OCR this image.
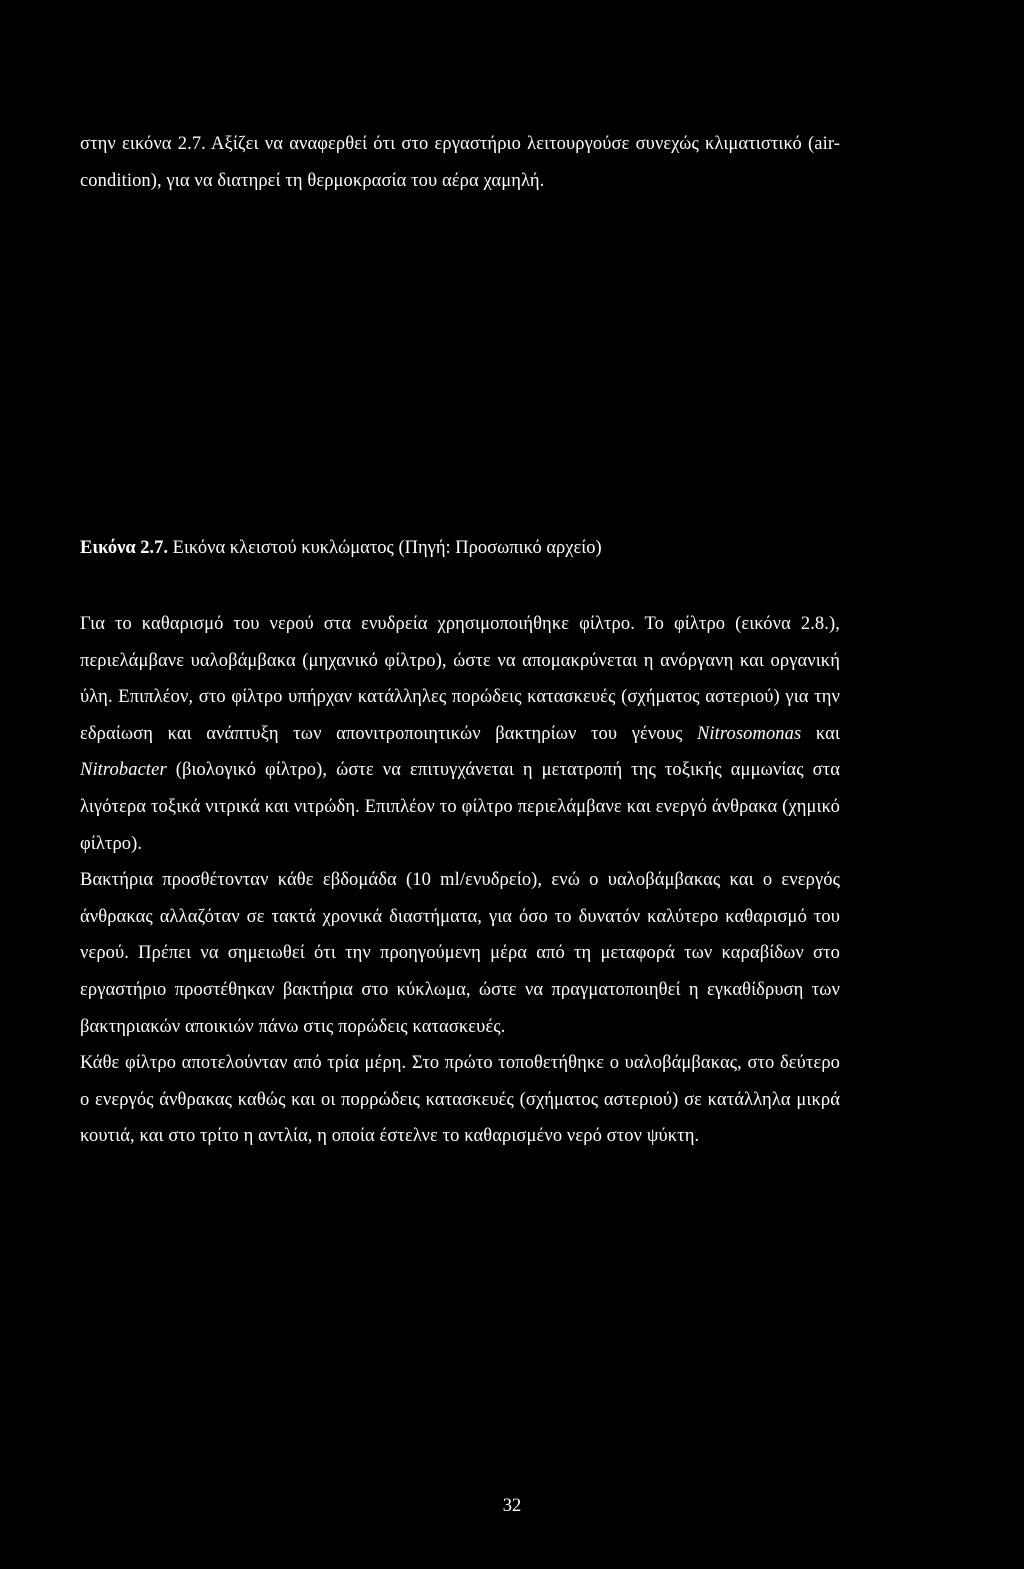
στην εικόνα 2.7. Αξίζει να αναφερθεί ότι στο εργαστήριο λειτουργούσε συνεχώς κλιματιστικό (air-condition), για να διατηρεί τη θερμοκρασία του αέρα χαμηλή.

Εικόνα 2.7. Εικόνα κλειστού κυκλώματος (Πηγή: Προσωπικό αρχείο)

Για το καθαρισμό του νερού στα ενυδρεία χρησιμοποιήθηκε φίλτρο. Το φίλτρο (εικόνα 2.8.), περιελάμβανε υαλοβάμβακα (μηχανικό φίλτρο), ώστε να απομακρύνεται η ανόργανη και οργανική ύλη. Επιπλέον, στο φίλτρο υπήρχαν κατάλληλες πορώδεις κατασκευές (σχήματος αστεριού) για την εδραίωση και ανάπτυξη των απονιτροποιητικών βακτηρίων του γένους Nitrosomonas και Nitrobacter (βιολογικό φίλτρο), ώστε να επιτυγχάνεται η μετατροπή της τοξικής αμμωνίας στα λιγότερα τοξικά νιτρικά και νιτρώδη. Επιπλέον το φίλτρο περιελάμβανε και ενεργό άνθρακα (χημικό φίλτρο).

Βακτήρια προσθέτονταν κάθε εβδομάδα (10 ml/ενυδρείο), ενώ ο υαλοβάμβακας και ο ενεργός άνθρακας αλλαζόταν σε τακτά χρονικά διαστήματα, για όσο το δυνατόν καλύτερο καθαρισμό του νερού. Πρέπει να σημειωθεί ότι την προηγούμενη μέρα από τη μεταφορά των καραβίδων στο εργαστήριο προστέθηκαν βακτήρια στο κύκλωμα, ώστε να πραγματοποιηθεί η εγκαθίδρυση των βακτηριακών αποικιών πάνω στις πορώδεις κατασκευές.

Κάθε φίλτρο αποτελούνταν από τρία μέρη. Στο πρώτο τοποθετήθηκε ο υαλοβάμβακας, στο δεύτερο ο ενεργός άνθρακας καθώς και οι πορρώδεις κατασκευές (σχήματος αστεριού) σε κατάλληλα μικρά κουτιά, και στο τρίτο η αντλία, η οποία έστελνε το καθαρισμένο νερό στον ψύκτη.

32
